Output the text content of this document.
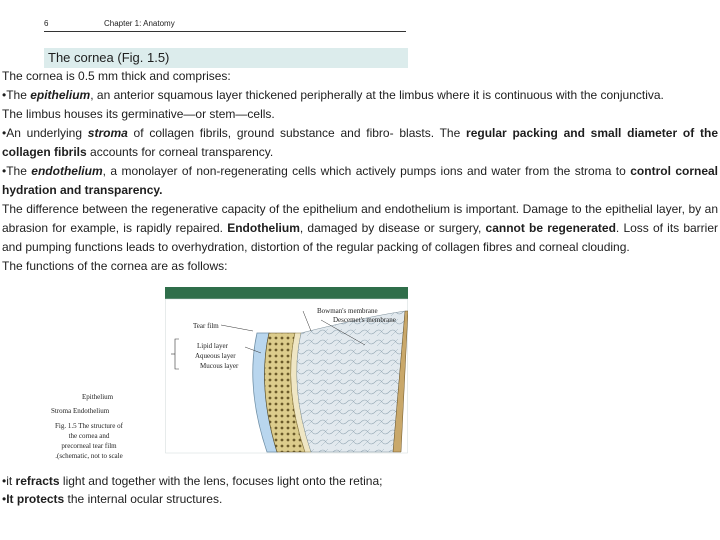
6	Chapter 1: Anatomy
The cornea (Fig. 1.5)

The cornea is 0.5 mm thick and comprises:

•The epithelium, an anterior squamous layer thickened peripherally at the limbus where it is continuous with the conjunctiva.

The limbus houses its germinative—or stem—cells.

•An underlying stroma of collagen fibrils, ground substance and fibro- blasts. The regular packing and small diameter of the collagen fibrils accounts for corneal transparency.

•The endothelium, a monolayer of non-regenerating cells which actively pumps ions and water from the stroma to control corneal hydration and transparency.

The difference between the regenerative capacity of the epithelium and endothelium is important. Damage to the epithelial layer, by an abrasion for example, is rapidly repaired. Endothelium, damaged by disease or surgery, cannot be regenerated. Loss of its barrier and pumping functions leads to overhydration, distortion of the regular packing of collagen fibres and corneal clouding.

The functions of the cornea are as follows:

Bowman's membrane
Descemet's membrane
Tear film
Lipid layer
Aqueous layer
Mucous layer
Epithelium
Stroma Endothelium
Fig. 1.5 The structure of
the cornea and
precorneal tear film
.(schematic, not to scale

•it refracts light and together with the lens, focuses light onto the retina;

•It protects the internal ocular structures.
